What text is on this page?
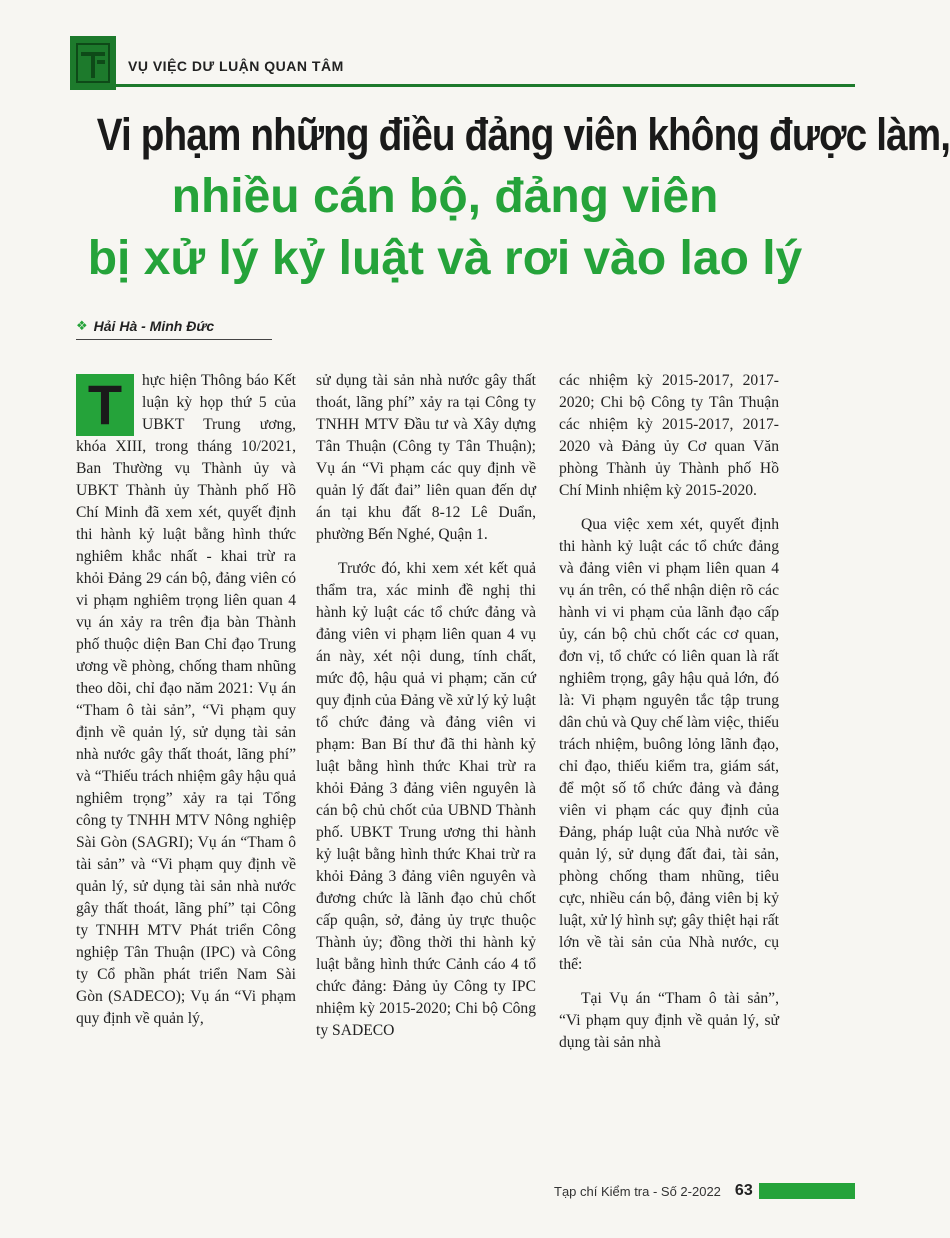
VỤ VIỆC DƯ LUẬN QUAN TÂM
Vi phạm những điều đảng viên không được làm,
nhiều cán bộ, đảng viên
bị xử lý kỷ luật và rơi vào lao lý
❖ Hải Hà - Minh Đức
T	hực hiện Thông báo Kết luận kỳ họp thứ 5 của UBKT Trung ương, khóa XIII, trong tháng 10/2021, Ban Thường vụ Thành ủy và UBKT Thành ủy Thành phố Hồ Chí Minh đã xem xét, quyết định thi hành kỷ luật bằng hình thức nghiêm khắc nhất - khai trừ ra khỏi Đảng 29 cán bộ, đảng viên có vi phạm nghiêm trọng liên quan 4 vụ án xảy ra trên địa bàn Thành phố thuộc diện Ban Chỉ đạo Trung ương về phòng, chống tham nhũng theo dõi, chỉ đạo năm 2021: Vụ án “Tham ô tài sản”, “Vi phạm quy định về quản lý, sử dụng tài sản nhà nước gây thất thoát, lãng phí” và “Thiếu trách nhiệm gây hậu quả nghiêm trọng” xảy ra tại Tổng công ty TNHH MTV Nông nghiệp Sài Gòn (SAGRI); Vụ án “Tham ô tài sản” và “Vi phạm quy định về quản lý, sử dụng tài sản nhà nước gây thất thoát, lãng phí” tại Công ty TNHH MTV Phát triển Công nghiệp Tân Thuận (IPC) và Công ty Cổ phần phát triển Nam Sài Gòn (SADECO); Vụ án “Vi phạm quy định về quản lý,

sử dụng tài sản nhà nước gây thất thoát, lãng phí” xảy ra tại Công ty TNHH MTV Đầu tư và Xây dựng Tân Thuận (Công ty Tân Thuận); Vụ án “Vi phạm các quy định về quản lý đất đai” liên quan đến dự án tại khu đất 8-12 Lê Duẩn, phường Bến Nghé, Quận 1.

Trước đó, khi xem xét kết quả thẩm tra, xác minh đề nghị thi hành kỷ luật các tổ chức đảng và đảng viên vi phạm liên quan 4 vụ án này, xét nội dung, tính chất, mức độ, hậu quả vi phạm; căn cứ quy định của Đảng về xử lý kỷ luật tổ chức đảng và đảng viên vi phạm: Ban Bí thư đã thi hành kỷ luật bằng hình thức Khai trừ ra khỏi Đảng 3 đảng viên nguyên là cán bộ chủ chốt của UBND Thành phố. UBKT Trung ương thi hành kỷ luật bằng hình thức Khai trừ ra khỏi Đảng 3 đảng viên nguyên và đương chức là lãnh đạo chủ chốt cấp quận, sở, đảng ủy trực thuộc Thành ủy; đồng thời thi hành kỷ luật bằng hình thức Cảnh cáo 4 tổ chức đảng: Đảng ủy Công ty IPC nhiệm kỳ 2015-2020; Chi bộ Công ty SADECO

các nhiệm kỳ 2015-2017, 2017-2020; Chi bộ Công ty Tân Thuận các nhiệm kỳ 2015-2017, 2017-2020 và Đảng ủy Cơ quan Văn phòng Thành ủy Thành phố Hồ Chí Minh nhiệm kỳ 2015-2020.

Qua việc xem xét, quyết định thi hành kỷ luật các tổ chức đảng và đảng viên vi phạm liên quan 4 vụ án trên, có thể nhận diện rõ các hành vi vi phạm của lãnh đạo cấp ủy, cán bộ chủ chốt các cơ quan, đơn vị, tổ chức có liên quan là rất nghiêm trọng, gây hậu quả lớn, đó là: Vi phạm nguyên tắc tập trung dân chủ và Quy chế làm việc, thiếu trách nhiệm, buông lỏng lãnh đạo, chỉ đạo, thiếu kiểm tra, giám sát, để một số tổ chức đảng và đảng viên vi phạm các quy định của Đảng, pháp luật của Nhà nước về quản lý, sử dụng đất đai, tài sản, phòng chống tham nhũng, tiêu cực, nhiều cán bộ, đảng viên bị kỷ luật, xử lý hình sự; gây thiệt hại rất lớn về tài sản của Nhà nước, cụ thể:

Tại Vụ án “Tham ô tài sản”, “Vi phạm quy định về quản lý, sử dụng tài sản nhà

Tạp chí Kiểm tra - Số 2-2022 63
